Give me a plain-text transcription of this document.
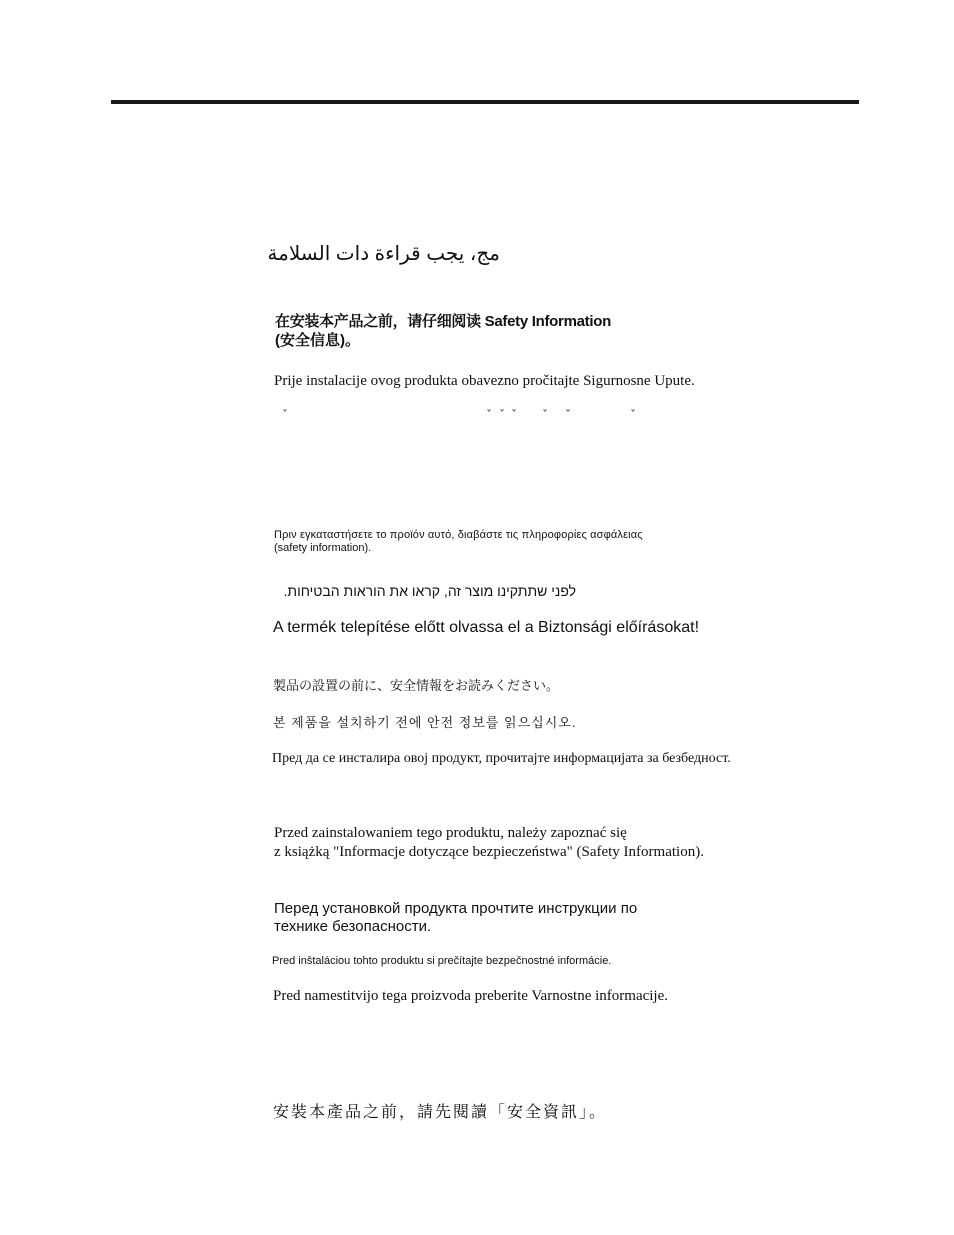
مج، يجب قراءة دات السلامة
在安装本产品之前，请仔细阅读 Safety Information
(安全信息)。
Prije instalacije ovog produkta obavezno pročitajte Sigurnosne Upute.
ˇ	ˇ ˇ ˇ ˇ ˇ	ˇ
Πριν εγκαταστήσετε το προϊόν αυτό, διαβάστε τις πληροφορίες ασφάλειας
(safety information).
לפני שתתקינו מוצר זה, קראו את הוראות הבטיחות.
A termék telepítése előtt olvassa el a Biztonsági előírásokat!
製品の設置の前に、安全情報をお読みください。
본 제품을 설치하기 전에 안전 정보를 읽으십시오.
Пред да се инсталира овој продукт, прочитајте информацијата за безбедност.
Przed zainstalowaniem tego produktu, należy zapoznać się
z książką "Informacje dotyczące bezpieczeństwa" (Safety Information).
Перед установкой продукта прочтите инструкции по
технике безопасности.
Pred inštaláciou tohto produktu si prečítajte bezpečnostné informácie.
Pred namestitvijo tega proizvoda preberite Varnostne informacije.
安裝本產品之前，請先閱讀「安全資訊」。
